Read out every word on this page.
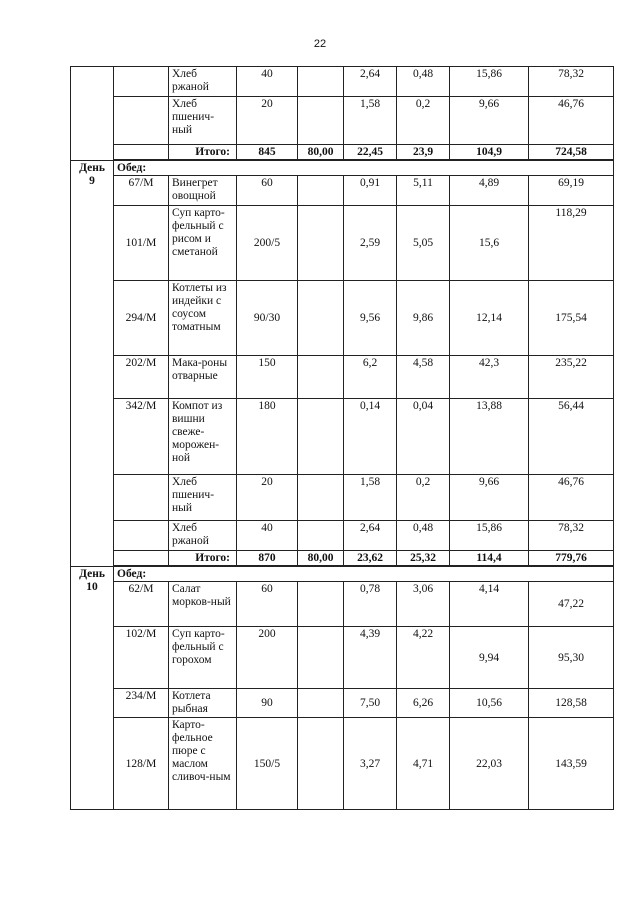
22
		Хлеб ржаной	40		2,64	0,48	15,86	78,32
		Хлеб пшенич-ный	20		1,58	0,2	9,66	46,76
		Итого:	845	80,00	22,45	23,9	104,9	724,58
День
9	Обед:							
	67/М	Винегрет овощной	60		0,91	5,11	4,89	69,19
	101/М	Суп карто-фельный с рисом и сметаной	200/5		2,59	5,05	15,6	118,29
	294/М	Котлеты из индейки с соусом томатным	90/30		9,56	9,86	12,14	175,54
	202/М	Мака-роны отварные	150		6,2	4,58	42,3	235,22
	342/М	Компот из вишни свеже-морожен-ной	180		0,14	0,04	13,88	56,44
		Хлеб пшенич-ный	20		1,58	0,2	9,66	46,76
		Хлеб ржаной	40		2,64	0,48	15,86	78,32
		Итого:	870	80,00	23,62	25,32	114,4	779,76
День
10	Обед:							
	62/М	Салат морков-ный	60		0,78	3,06	4,14	47,22
	102/М	Суп карто-фельный с горохом	200		4,39	4,22	9,94	95,30
	234/М	Котлета рыбная	90		7,50	6,26	10,56	128,58
	128/М	Карто-фельное пюре с маслом сливоч-ным	150/5		3,27	4,71	22,03	143,59
